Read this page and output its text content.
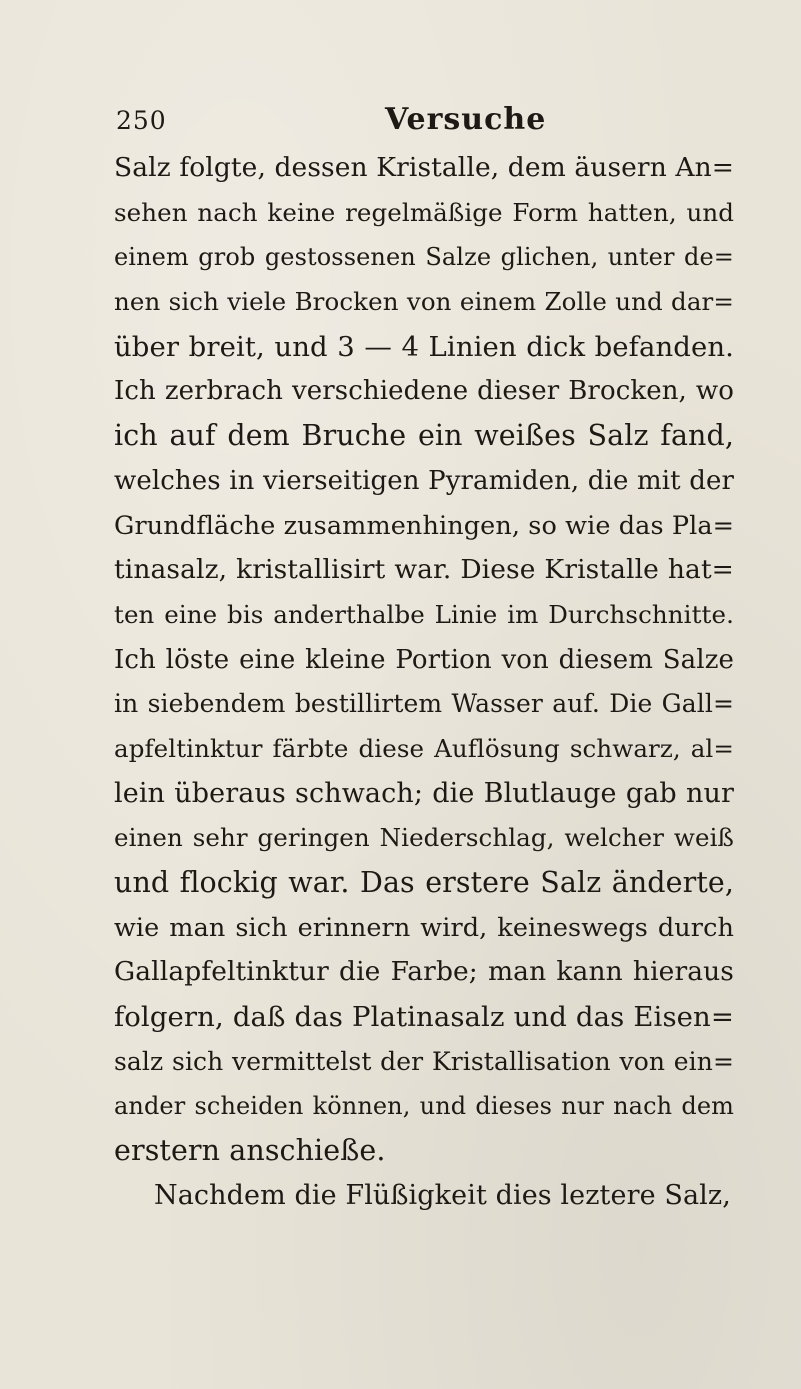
250	Versuche
Salz folgte, dessen Kristalle, dem äusern An=
sehen nach keine regelmäßige Form hatten, und
einem grob gestossenen Salze glichen, unter de=
nen sich viele Brocken von einem Zolle und dar=
über breit, und 3 — 4 Linien dick befanden.
Ich zerbrach verschiedene dieser Brocken, wo
ich auf dem Bruche ein weißes Salz fand,
welches in vierseitigen Pyramiden, die mit der
Grundfläche zusammenhingen, so wie das Pla=
tinasalz, kristallisirt war. Diese Kristalle hat=
ten eine bis anderthalbe Linie im Durchschnitte.
Ich löste eine kleine Portion von diesem Salze
in siebendem bestillirtem Wasser auf. Die Gall=
apfeltinktur färbte diese Auflösung schwarz, al=
lein überaus schwach; die Blutlauge gab nur
einen sehr geringen Niederschlag, welcher weiß
und flockig war. Das erstere Salz änderte,
wie man sich erinnern wird, keineswegs durch
Gallapfeltinktur die Farbe; man kann hieraus
folgern, daß das Platinasalz und das Eisen=
salz sich vermittelst der Kristallisation von ein=
ander scheiden können, und dieses nur nach dem
erstern anschieße.
Nachdem die Flüßigkeit dies leztere Salz,
